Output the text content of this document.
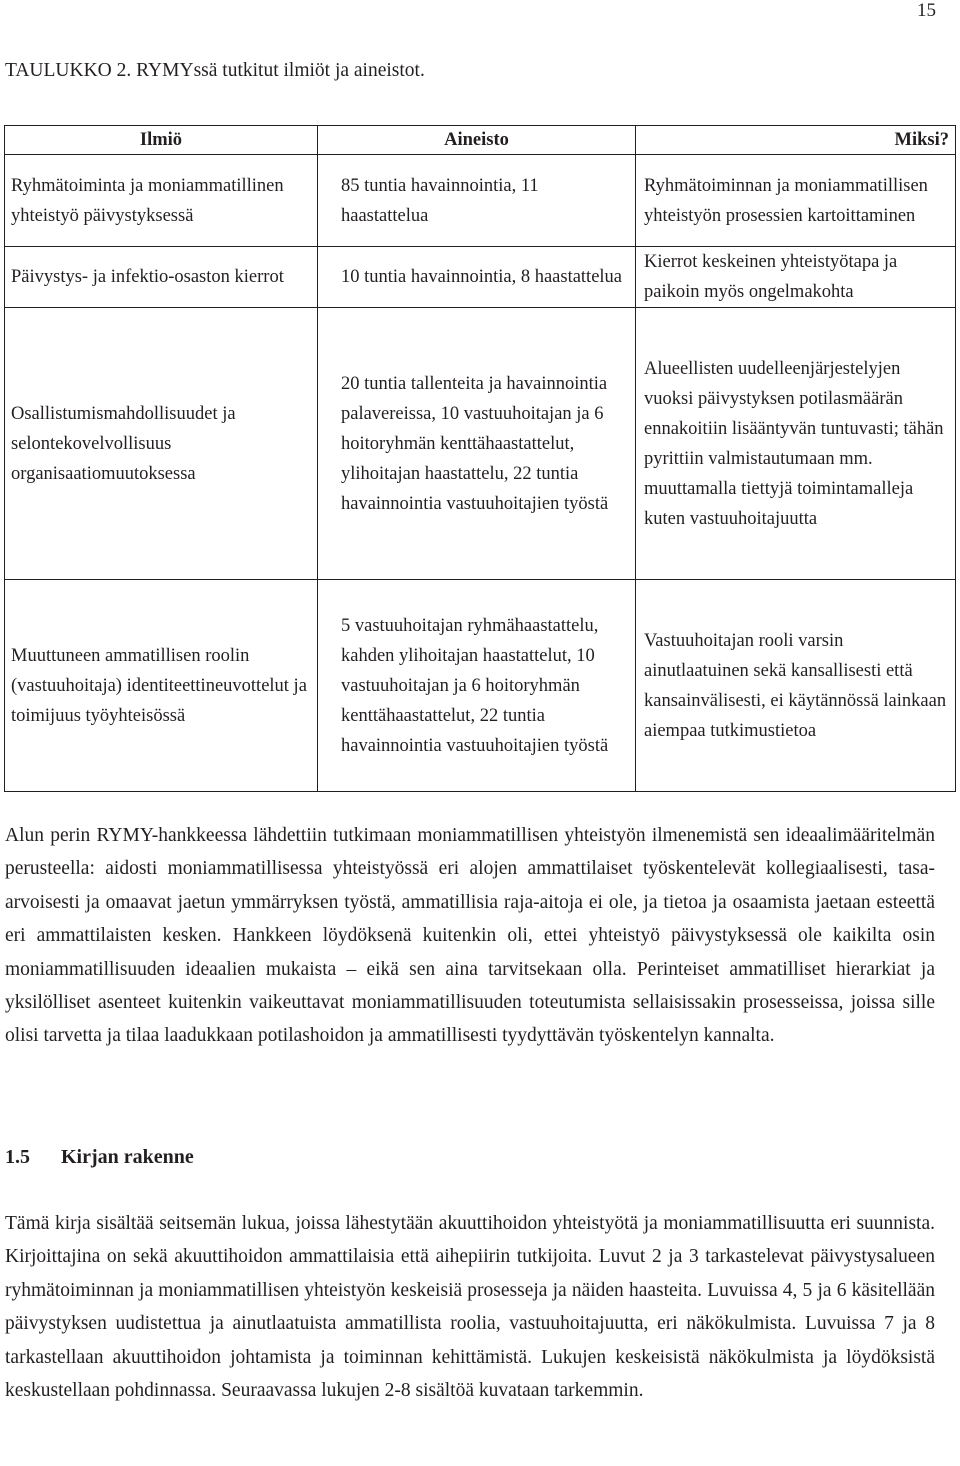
15
TAULUKKO 2. RYMYssä tutkitut ilmiöt ja aineistot.
Ilmiö	Aineisto	Miksi?
Ryhmätoiminta ja moniammatillinen yhteistyö päivystyksessä	85 tuntia havainnointia, 11 haastattelua	Ryhmätoiminnan ja moniammatillisen yhteistyön prosessien kartoittaminen
Päivystys- ja infektio-osaston kierrot	10 tuntia havainnointia, 8 haastattelua	Kierrot keskeinen yhteistyötapa ja paikoin myös ongelmakohta
Osallistumismahdollisuudet ja selontekovelvollisuus organisaatiomuutoksessa	20 tuntia tallenteita ja havainnointia palavereissa, 10 vastuuhoitajan ja 6 hoitoryhmän kenttähaastattelut, ylihoitajan haastattelu, 22 tuntia havainnointia vastuuhoitajien työstä	Alueellisten uudelleenjärjestelyjen vuoksi päivystyksen potilasmäärän ennakoitiin lisääntyvän tuntuvasti; tähän pyrittiin valmistautumaan mm. muuttamalla tiettyjä toimintamalleja kuten vastuuhoitajuutta
Muuttuneen ammatillisen roolin (vastuuhoitaja) identiteettineuvottelut ja toimijuus työyhteisössä	5 vastuuhoitajan ryhmähaastattelu, kahden ylihoitajan haastattelut, 10 vastuuhoitajan ja 6 hoitoryhmän kenttähaastattelut, 22 tuntia havainnointia vastuuhoitajien työstä	Vastuuhoitajan rooli varsin ainutlaatuinen sekä kansallisesti että kansainvälisesti, ei käytännössä lainkaan aiempaa tutkimustietoa

Alun perin RYMY-hankkeessa lähdettiin tutkimaan moniammatillisen yhteistyön ilmenemistä sen ideaalimääritelmän perusteella: aidosti moniammatillisessa yhteistyössä eri alojen ammattilaiset työskentelevät kollegiaalisesti, tasa-arvoisesti ja omaavat jaetun ymmärryksen työstä, ammatillisia raja-aitoja ei ole, ja tietoa ja osaamista jaetaan esteettä eri ammattilaisten kesken. Hankkeen löydöksenä kuitenkin oli, ettei yhteistyö päivystyksessä ole kaikilta osin moniammatillisuuden ideaalien mukaista – eikä sen aina tarvitsekaan olla. Perinteiset ammatilliset hierarkiat ja yksilölliset asenteet kuitenkin vaikeuttavat moniammatillisuuden toteutumista sellaisissakin prosesseissa, joissa sille olisi tarvetta ja tilaa laadukkaan potilashoidon ja ammatillisesti tyydyttävän työskentelyn kannalta.

1.5 Kirjan rakenne

Tämä kirja sisältää seitsemän lukua, joissa lähestytään akuuttihoidon yhteistyötä ja moniammatillisuutta eri suunnista. Kirjoittajina on sekä akuuttihoidon ammattilaisia että aihepiirin tutkijoita. Luvut 2 ja 3 tarkastelevat päivystysalueen ryhmätoiminnan ja moniammatillisen yhteistyön keskeisiä prosesseja ja näiden haasteita. Luvuissa 4, 5 ja 6 käsitellään päivystyksen uudistettua ja ainutlaatuista ammatillista roolia, vastuuhoitajuutta, eri näkökulmista. Luvuissa 7 ja 8 tarkastellaan akuuttihoidon johtamista ja toiminnan kehittämistä. Lukujen keskeisistä näkökulmista ja löydöksistä keskustellaan pohdinnassa. Seuraavassa lukujen 2-8 sisältöä kuvataan tarkemmin.
